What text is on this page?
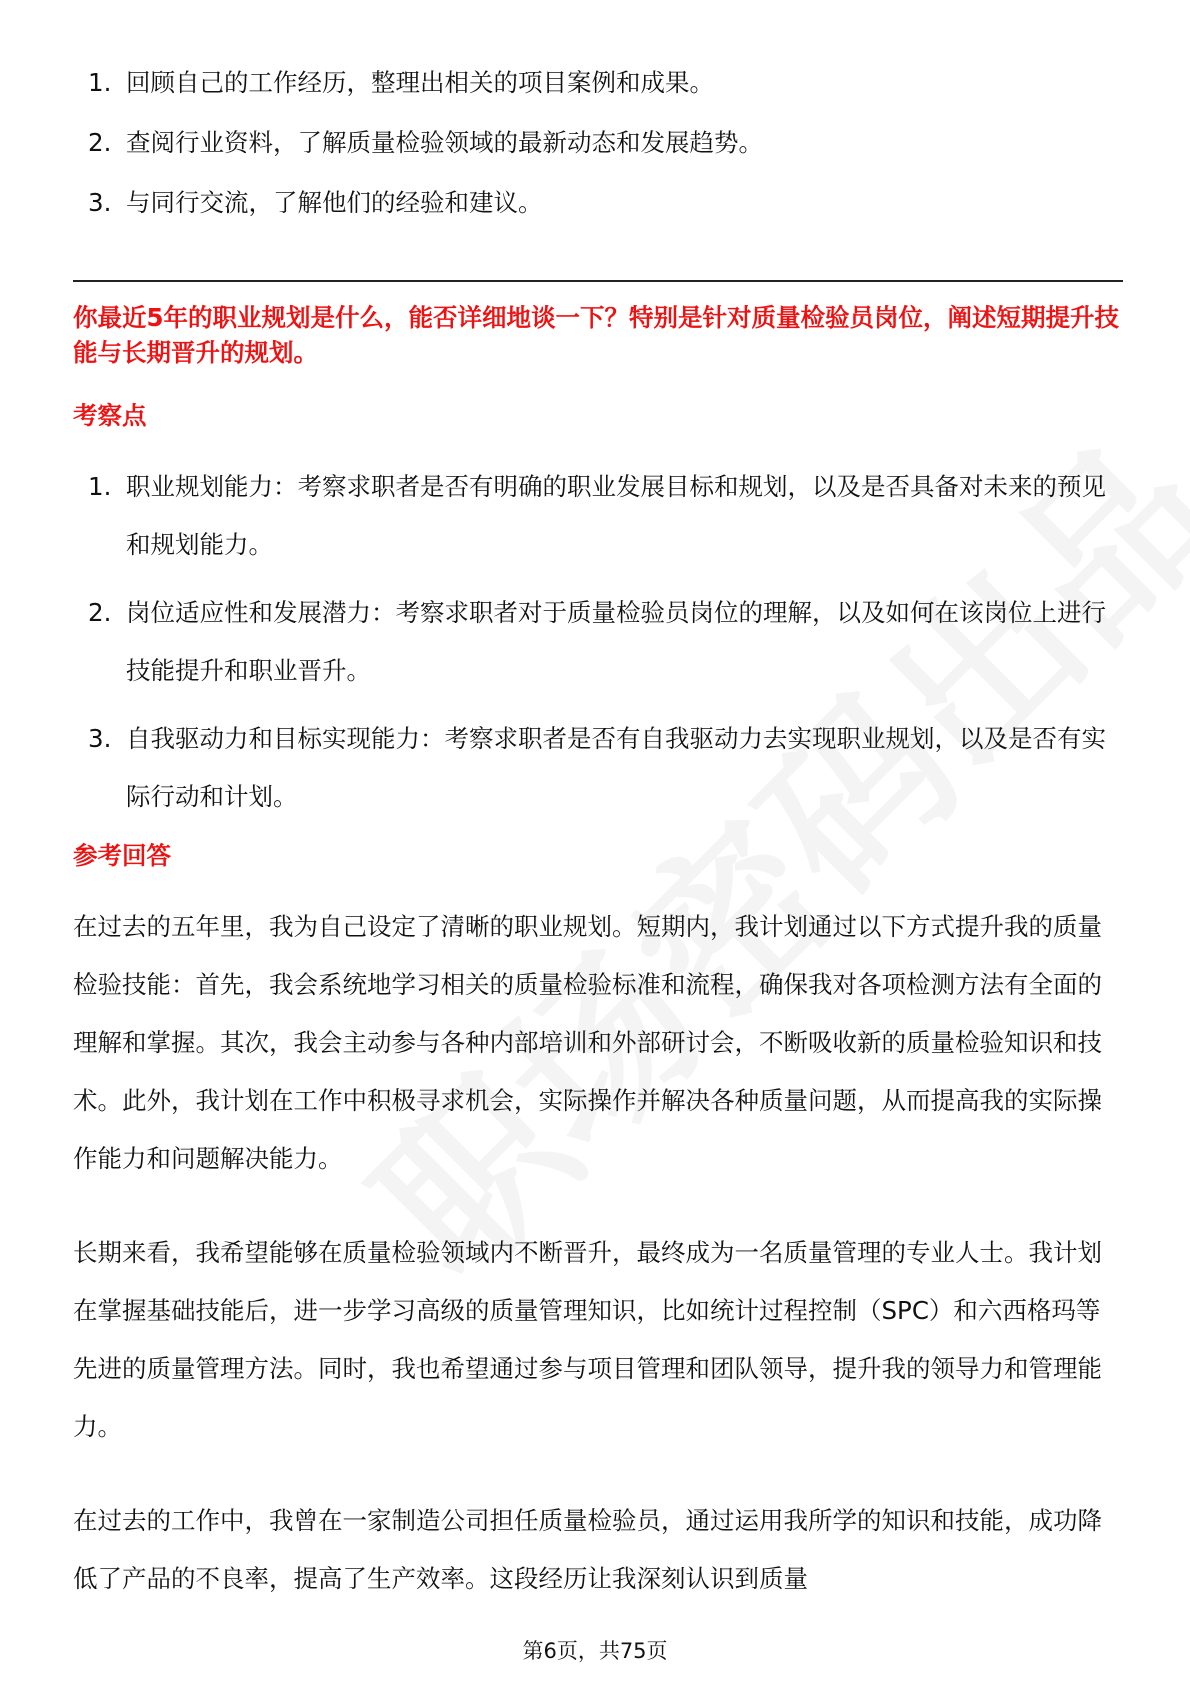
1. 回顾自己的工作经历，整理出相关的项目案例和成果。
2. 查阅行业资料，了解质量检验领域的最新动态和发展趋势。
3. 与同行交流，了解他们的经验和建议。
你最近5年的职业规划是什么，能否详细地谈一下？特别是针对质量检验员岗位，阐述短期提升技能与长期晋升的规划。
考察点
1. 职业规划能力：考察求职者是否有明确的职业发展目标和规划，以及是否具备对未来的预见和规划能力。
2. 岗位适应性和发展潜力：考察求职者对于质量检验员岗位的理解，以及如何在该岗位上进行技能提升和职业晋升。
3. 自我驱动力和目标实现能力：考察求职者是否有自我驱动力去实现职业规划，以及是否有实际行动和计划。
参考回答

在过去的五年里，我为自己设定了清晰的职业规划。短期内，我计划通过以下方式提升我的质量检验技能：首先，我会系统地学习相关的质量检验标准和流程，确保我对各项检测方法有全面的理解和掌握。其次，我会主动参与各种内部培训和外部研讨会，不断吸收新的质量检验知识和技术。此外，我计划在工作中积极寻求机会，实际操作并解决各种质量问题，从而提高我的实际操作能力和问题解决能力。

长期来看，我希望能够在质量检验领域内不断晋升，最终成为一名质量管理的专业人士。我计划在掌握基础技能后，进一步学习高级的质量管理知识，比如统计过程控制（SPC）和六西格玛等先进的质量管理方法。同时，我也希望通过参与项目管理和团队领导，提升我的领导力和管理能力。

在过去的工作中，我曾在一家制造公司担任质量检验员，通过运用我所学的知识和技能，成功降低了产品的不良率，提高了生产效率。这段经历让我深刻认识到质量

第6页，共75页
